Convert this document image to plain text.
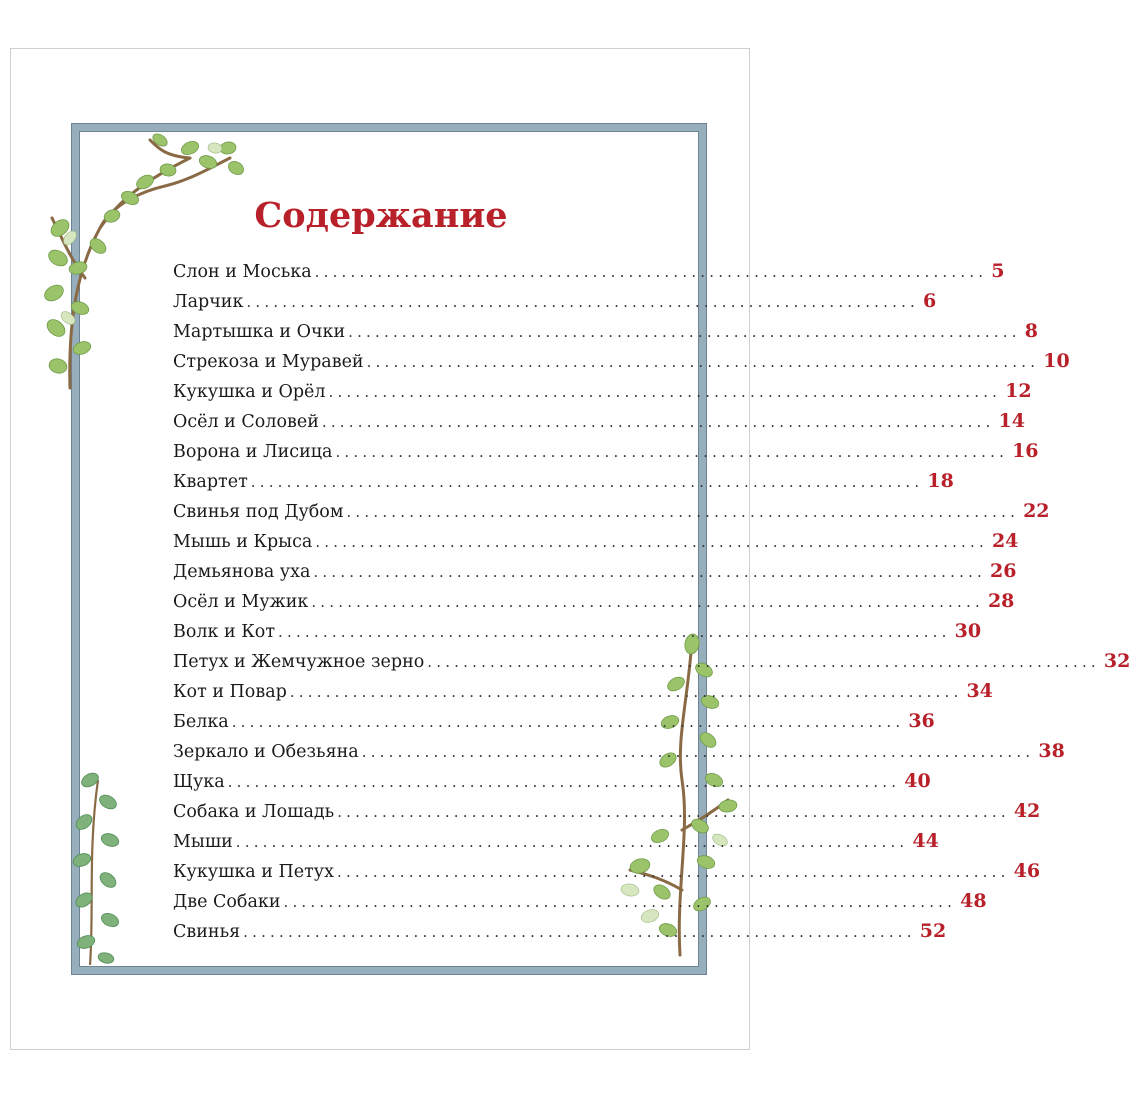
Содержание
Слон и Моська ........................................................................... 5
Ларчик ........................................................................... 6
Мартышка и Очки ........................................................................... 8
Стрекоза и Муравей ........................................................................... 10
Кукушка и Орёл ........................................................................... 12
Осёл и Соловей ........................................................................... 14
Ворона и Лисица ........................................................................... 16
Квартет ........................................................................... 18
Свинья под Дубом ........................................................................... 22
Мышь и Крыса ........................................................................... 24
Демьянова уха ........................................................................... 26
Осёл и Мужик ........................................................................... 28
Волк и Кот ........................................................................... 30
Петух и Жемчужное зерно ........................................................................... 32
Кот и Повар ........................................................................... 34
Белка ........................................................................... 36
Зеркало и Обезьяна ........................................................................... 38
Щука ........................................................................... 40
Собака и Лошадь ........................................................................... 42
Мыши ........................................................................... 44
Кукушка и Петух ........................................................................... 46
Две Собаки ........................................................................... 48
Свинья ........................................................................... 52
